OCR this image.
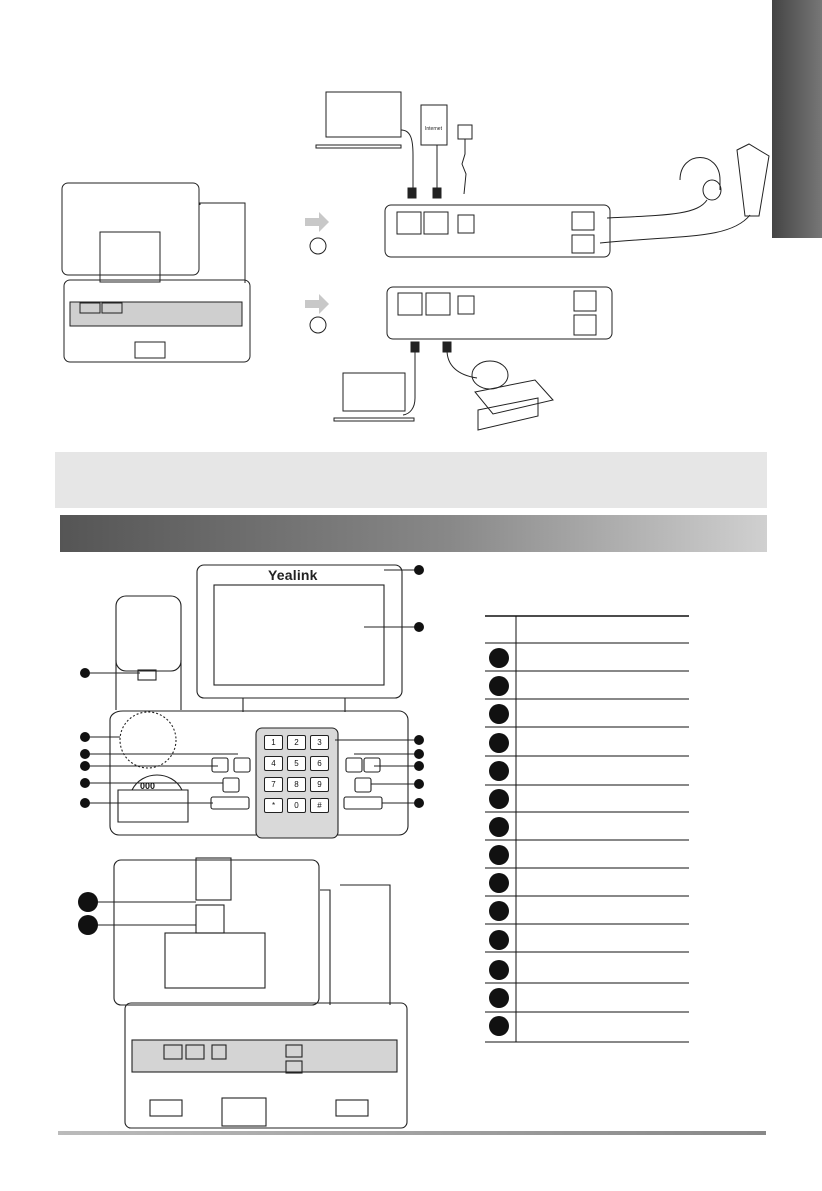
Internet
Yealink
000
1	2	3
4	5	6
7	8	9
*	0	#
